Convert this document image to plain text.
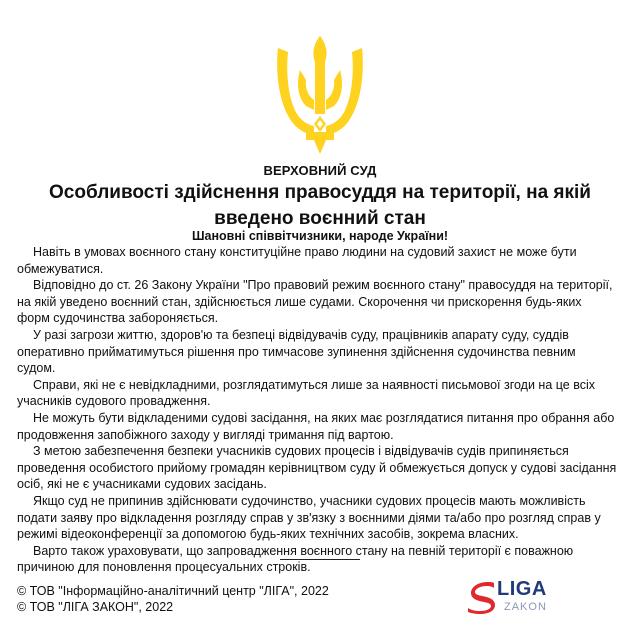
ВЕРХОВНИЙ СУД
Особливості здійснення правосуддя на території, на якій введено воєнний стан
Шановні співвітчизники, народе України!

Навіть в умовах воєнного стану конституційне право людини на судовий захист не може бути обмежуватися.

Відповідно до ст. 26 Закону України "Про правовий режим воєнного стану" правосуддя на території, на якій уведено воєнний стан, здійснюється лише судами. Скорочення чи прискорення будь-яких форм судочинства забороняється.

У разі загрози життю, здоров'ю та безпеці відвідувачів суду, працівників апарату суду, суддів оперативно прийматимуться рішення про тимчасове зупинення здійснення судочинства певним судом.

Справи, які не є невідкладними, розглядатимуться лише за наявності письмової згоди на це всіх учасників судового провадження.

Не можуть бути відкладеними судові засідання, на яких має розглядатися питання про обрання або продовження запобіжного заходу у вигляді тримання під вартою.

З метою забезпечення безпеки учасників судових процесів і відвідувачів судів припиняється проведення особистого прийому громадян керівництвом суду й обмежується допуск у судові засідання осіб, які не є учасниками судових засідань.

Якщо суд не припинив здійснювати судочинство, учасники судових процесів мають можливість подати заяву про відкладення розгляду справ у зв'язку з воєнними діями та/або про розгляд справ у режимі відеоконференції за допомогою будь-яких технічних засобів, зокрема власних.

Варто також ураховувати, що запровадження воєнного стану на певній території є поважною причиною для поновлення процесуальних строків.

© ТОВ "Інформаційно-аналітичний центр "ЛІГА", 2022
© ТОВ "ЛІГА ЗАКОН", 2022
LIGA
ZAKON
